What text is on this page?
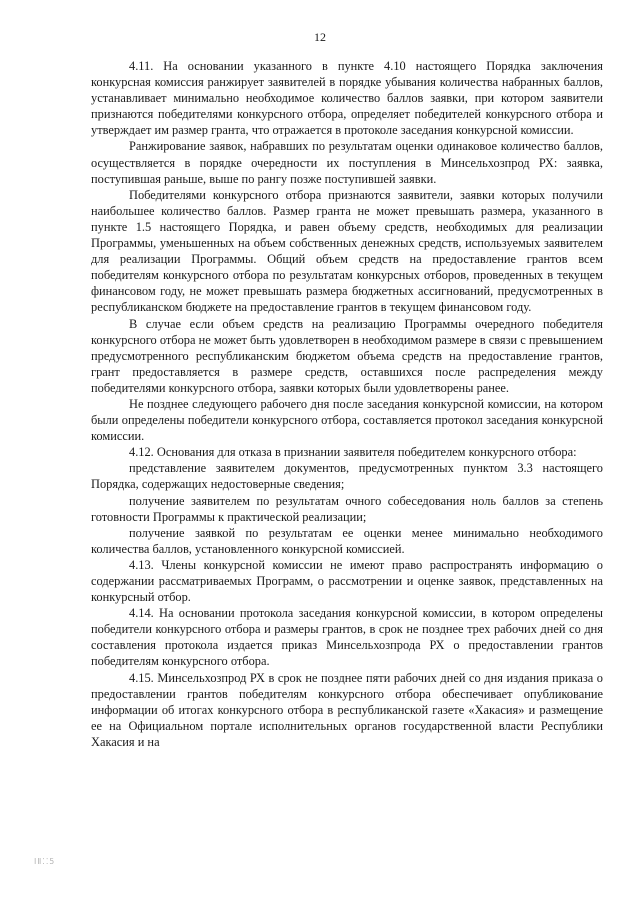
12

4.11. На основании указанного в пункте 4.10 настоящего Порядка заключения конкурсная комиссия ранжирует заявителей в порядке убывания количества набранных баллов, устанавливает минимально необходимое количество баллов заявки, при котором заявители признаются победителями конкурсного отбора, определяет победителей конкурсного отбора и утверждает им размер гранта, что отражается в протоколе заседания конкурсной комиссии.

Ранжирование заявок, набравших по результатам оценки одинаковое количество баллов, осуществляется в порядке очередности их поступления в Минсельхозпрод РХ: заявка, поступившая раньше, выше по рангу позже поступившей заявки.

Победителями конкурсного отбора признаются заявители, заявки которых получили наибольшее количество баллов. Размер гранта не может превышать размера, указанного в пункте 1.5 настоящего Порядка, и равен объему средств, необходимых для реализации Программы, уменьшенных на объем собственных денежных средств, используемых заявителем для реализации Программы. Общий объем средств на предоставление грантов всем победителям конкурсного отбора по результатам конкурсных отборов, проведенных в текущем финансовом году, не может превышать размера бюджетных ассигнований, предусмотренных в республиканском бюджете на предоставление грантов в текущем финансовом году.

В случае если объем средств на реализацию Программы очередного победителя конкурсного отбора не может быть удовлетворен в необходимом размере в связи с превышением предусмотренного республиканским бюджетом объема средств на предоставление грантов, грант предоставляется в размере средств, оставшихся после распределения между победителями конкурсного отбора, заявки которых были удовлетворены ранее.

Не позднее следующего рабочего дня после заседания конкурсной комиссии, на котором были определены победители конкурсного отбора, составляется протокол заседания конкурсной комиссии.

4.12. Основания для отказа в признании заявителя победителем конкурсного отбора:

представление заявителем документов, предусмотренных пунктом 3.3 настоящего Порядка, содержащих недостоверные сведения;

получение заявителем по результатам очного собеседования ноль баллов за степень готовности Программы к практической реализации;

получение заявкой по результатам ее оценки менее минимально необходимого количества баллов, установленного конкурсной комиссией.

4.13. Члены конкурсной комиссии не имеют право распространять информацию о содержании рассматриваемых Программ, о рассмотрении и оценке заявок, представленных на конкурсный отбор.

4.14. На основании протокола заседания конкурсной комиссии, в котором определены победители конкурсного отбора и размеры грантов, в срок не позднее трех рабочих дней со дня составления протокола издается приказ Минсельхозпрода РХ о предоставлении грантов победителям конкурсного отбора.

4.15. Минсельхозпрод РХ в срок не позднее пяти рабочих дней со дня издания приказа о предоставлении грантов победителям конкурсного отбора обеспечивает опубликование информации об итогах конкурсного отбора в республиканской газете «Хакасия» и размещение ее на Официальном портале исполнительных органов государственной власти Республики Хакасия и на

ⅠⅡ⁚⁚5
